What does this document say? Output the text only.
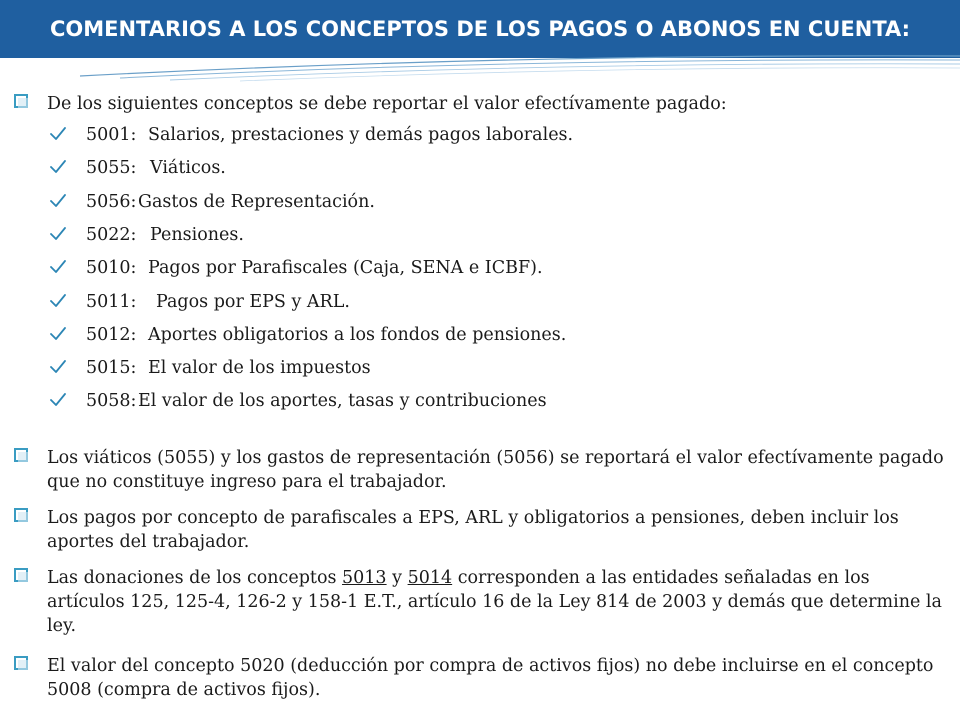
COMENTARIOS A LOS CONCEPTOS DE LOS PAGOS O ABONOS EN CUENTA:
De los siguientes conceptos se debe reportar el valor efectívamente pagado:
5001: Salarios, prestaciones y demás pagos laborales.
5055: Viáticos.
5056: Gastos de Representación.
5022: Pensiones.
5010: Pagos por Parafiscales (Caja, SENA e ICBF).
5011: Pagos por EPS y ARL.
5012: Aportes obligatorios a los fondos de pensiones.
5015: El valor de los impuestos
5058: El valor de los aportes, tasas y contribuciones
Los viáticos (5055) y los gastos de representación (5056) se reportará el valor efectívamente pagado que no constituye ingreso para el trabajador.
Los pagos por concepto de parafiscales a EPS, ARL y obligatorios a pensiones, deben incluir los aportes del trabajador.
Las donaciones de los conceptos 5013 y 5014 corresponden a las entidades señaladas en los artículos 125, 125-4, 126-2 y 158-1 E.T., artículo 16 de la Ley 814 de 2003 y demás que determine la ley.
El valor del concepto 5020 (deducción por compra de activos fijos) no debe incluirse en el concepto 5008 (compra de activos fijos).
